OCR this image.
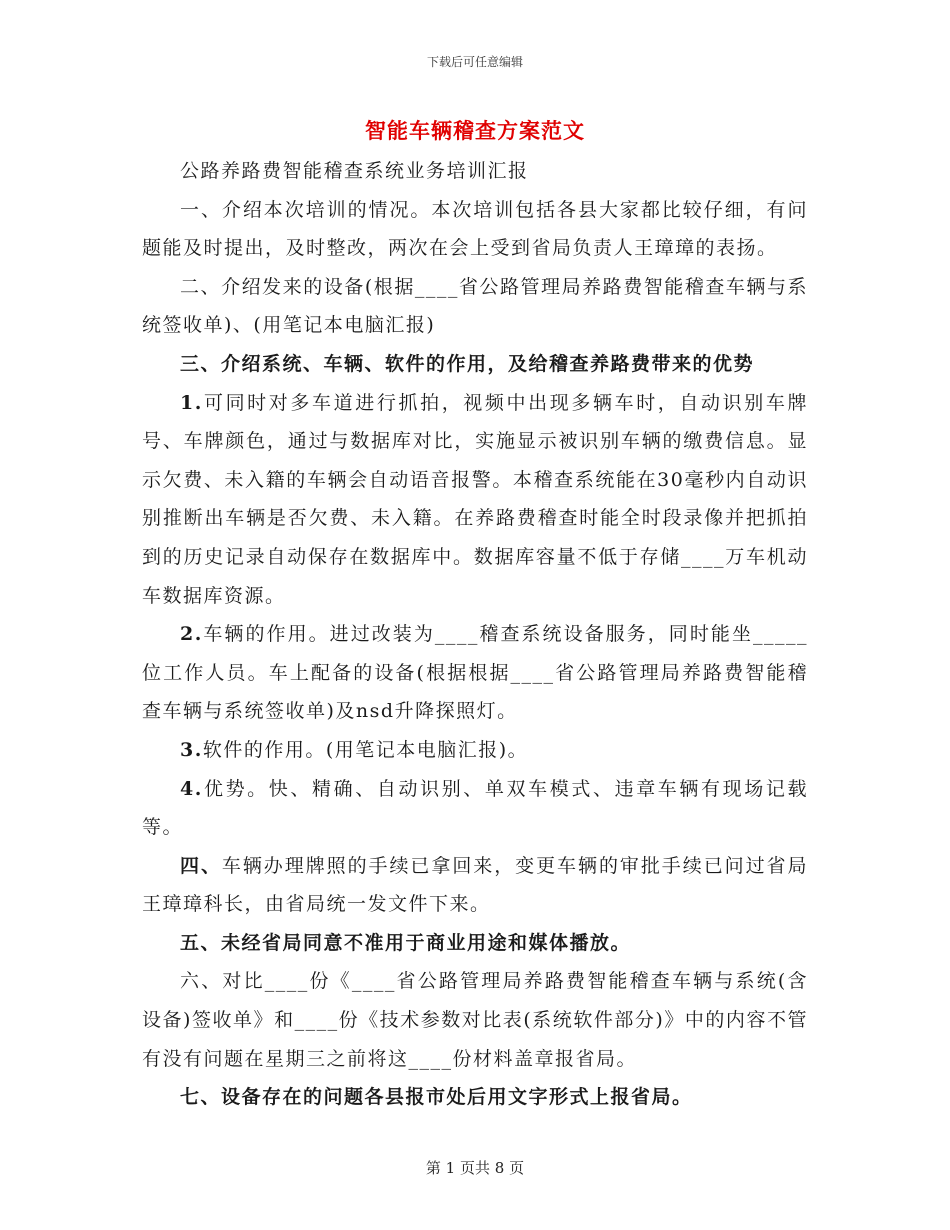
下载后可任意编辑
智能车辆稽查方案范文

公路养路费智能稽查系统业务培训汇报

一、介绍本次培训的情况。本次培训包括各县大家都比较仔细，有问题能及时提出，及时整改，两次在会上受到省局负责人王璋璋的表扬。

二、介绍发来的设备(根据____省公路管理局养路费智能稽查车辆与系统签收单)、(用笔记本电脑汇报)

三、介绍系统、车辆、软件的作用，及给稽查养路费带来的优势

1.可同时对多车道进行抓拍，视频中出现多辆车时，自动识别车牌号、车牌颜色，通过与数据库对比，实施显示被识别车辆的缴费信息。显示欠费、未入籍的车辆会自动语音报警。本稽查系统能在30毫秒内自动识别推断出车辆是否欠费、未入籍。在养路费稽查时能全时段录像并把抓拍到的历史记录自动保存在数据库中。数据库容量不低于存储____万车机动车数据库资源。

2.车辆的作用。进过改装为____稽查系统设备服务，同时能坐_____位工作人员。车上配备的设备(根据根据____省公路管理局养路费智能稽查车辆与系统签收单)及nsd升降探照灯。

3.软件的作用。(用笔记本电脑汇报)。

4.优势。快、精确、自动识别、单双车模式、违章车辆有现场记载等。

四、车辆办理牌照的手续已拿回来，变更车辆的审批手续已问过省局王璋璋科长，由省局统一发文件下来。

五、未经省局同意不准用于商业用途和媒体播放。

六、对比____份《____省公路管理局养路费智能稽查车辆与系统(含设备)签收单》和____份《技术参数对比表(系统软件部分)》中的内容不管有没有问题在星期三之前将这____份材料盖章报省局。

七、设备存在的问题各县报市处后用文字形式上报省局。

第 1 页共 8 页
